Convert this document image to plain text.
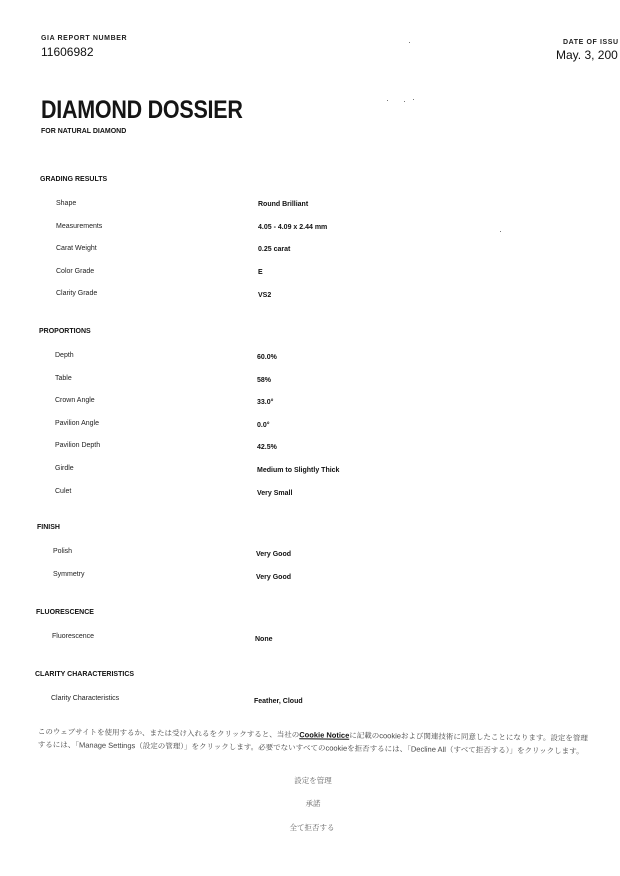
GIA REPORT NUMBER
11606982
DATE OF ISSU
May. 3, 200
DIAMOND DOSSIER
FOR NATURAL DIAMOND
GRADING RESULTS
Shape	Round Brilliant
Measurements	4.05 - 4.09 x 2.44 mm
Carat Weight	0.25 carat
Color Grade	E
Clarity Grade	VS2
PROPORTIONS
Depth	60.0%
Table	58%
Crown Angle	33.0°
Pavilion Angle	0.0°
Pavilion Depth	42.5%
Girdle	Medium to Slightly Thick
Culet	Very Small
FINISH
Polish	Very Good
Symmetry	Very Good
FLUORESCENCE
Fluorescence	None
CLARITY CHARACTERISTICS
Clarity Characteristics	Feather, Cloud
このウェブサイトを使用するか、または受け入れるをクリックすると、当社のCookie Noticeに記載のcookieおよび関連技術に同意したことになります。設定を管理するには、「Manage Settings（設定の管理）」をクリックします。必要でないすべてのcookieを拒否するには、「Decline All（すべて拒否する）」をクリックします。
設定を管理
承諾
全て拒否する
